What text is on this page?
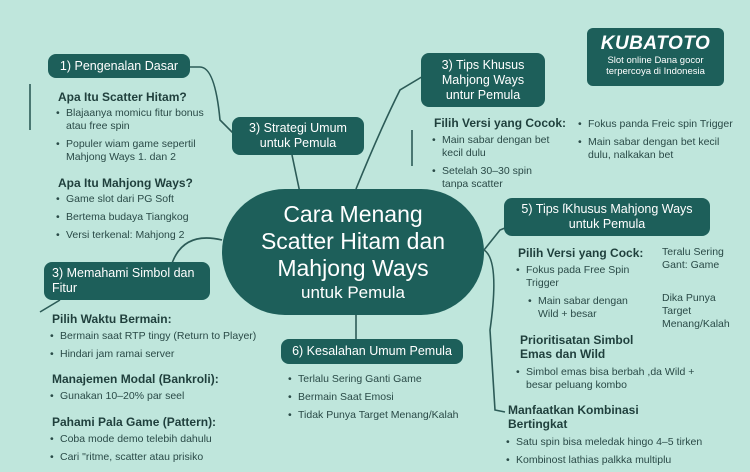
KUBATOTO
Slot online Dana gocor terpercoya di Indonesia
Cara Menang
Scatter Hitam dan
Mahjong Ways
untuk Pemula
1) Pengenalan Dasar
Apa Itu Scatter Hitam?
• Blajaanya momicu fitur bonus atau free spin
• Populer wiam game sepertil Mahjong Ways 1. dan 2
Apa Itu Mahjong Ways?
• Game slot dari PG Soft
• Bertema budaya Tiangkog
• Versi terkenal: Mahjong 2
3) Strategi Umum untuk Pemula
3) Memahami Simbol dan Fitur
Pilih Waktu Bermain:
• Bermain saat RTP tingy (Return to Player)
• Hindari jam ramai server
Manajemen Modal (Bankroli):
• Gunakan 10–20% par seel
Pahami Pala Game (Pattern):
• Coba mode demo telebih dahulu
• Cari "ritme, scatter atau prisiko
3) Tips Khusus Mahjong Ways untur Pemula
Filih Versi yang Cocok:
• Main sabar dengan bet kecil dulu
• Setelah 30–30 spin tanpa scatter
• Fokus panda Freic spin Trigger
• Main sabar dengan bet kecil dulu, nalkakan bet
5) Tips ſKhusus Mahjong Ways untuk Pemula
Pilih Versi yang Cock:
• Fokus pada Free Spin Trigger
• Main sabar dengan Wild + besar
Teralu Sering Gant: Game
Dika Punya Target Menang/Kalah
Prioritisatan Simbol Emas dan Wild
• Simbol emas bisa berbah ,da Wild + besar peluang kombo
Manfaatkan Kombinasi Bertingkat
• Satu spin bisa meledak hingo 4–5 tirken
• Kombinost lathias palkka multiplu
6) Kesalahan Umum Pemula
• Terlalu Sering Ganti Game
• Bermain Saat Emosi
• Tidak Punya Target Menang/Kalah
